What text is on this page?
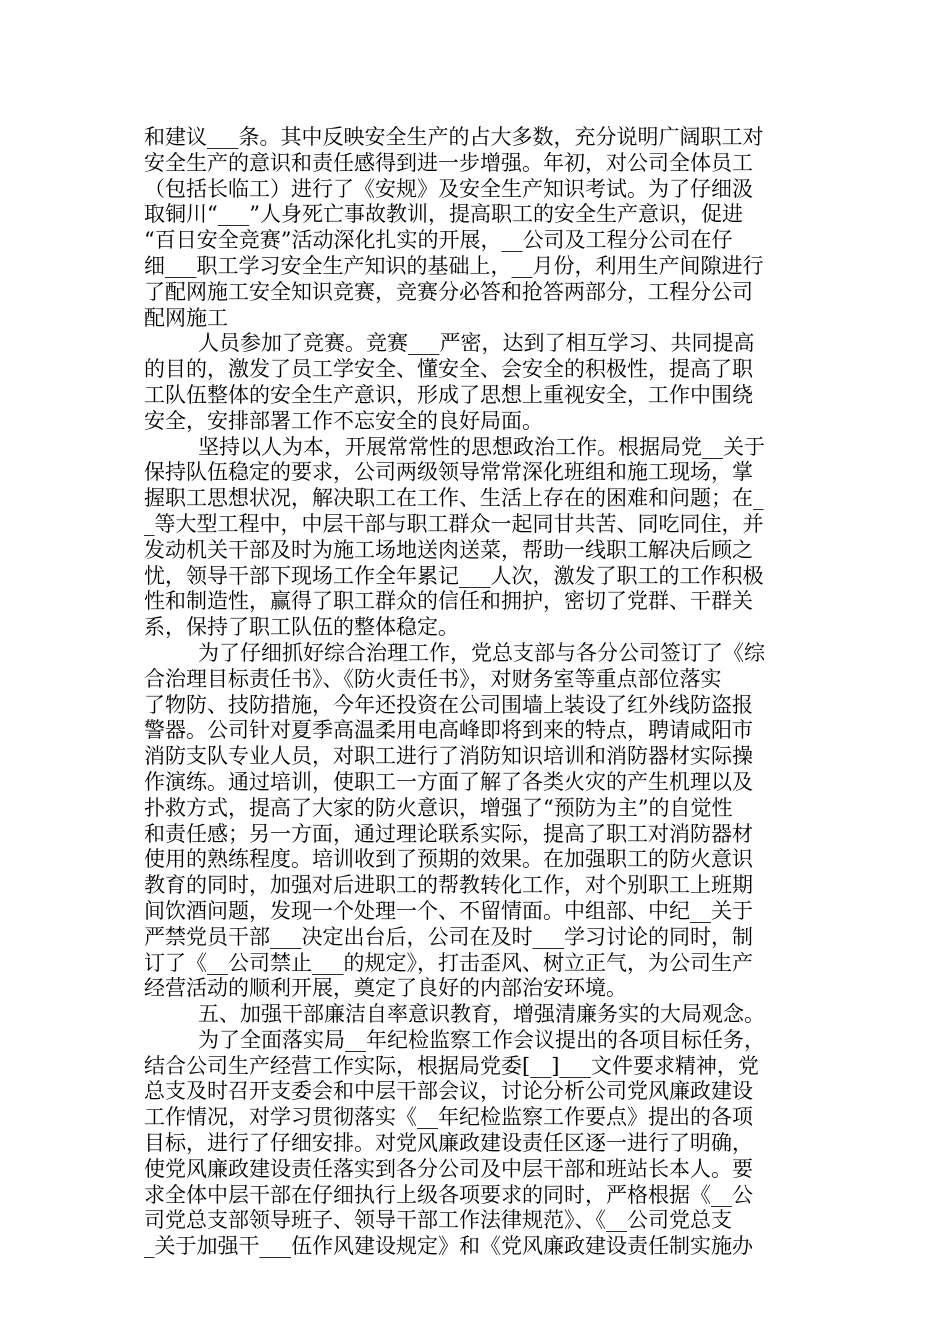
和建议___条。其中反映安全生产的占大多数，充分说明广阔职工对
安全生产的意识和责任感得到进一步增强。年初，对公司全体员工
（包括长临工）进行了《安规》及安全生产知识考试。为了仔细汲
取铜川“___”人身死亡事故教训，提高职工的安全生产意识，促进
“百日安全竞赛”活动深化扎实的开展，__公司及工程分公司在仔
细___职工学习安全生产知识的基础上，__月份，利用生产间隙进行
了配网施工安全知识竞赛，竞赛分必答和抢答两部分，工程分公司
配网施工
人员参加了竞赛。竞赛___严密，达到了相互学习、共同提高
的目的，激发了员工学安全、懂安全、会安全的积极性，提高了职
工队伍整体的安全生产意识，形成了思想上重视安全，工作中围绕
安全，安排部署工作不忘安全的良好局面。
坚持以人为本，开展常常性的思想政治工作。根据局党__关于
保持队伍稳定的要求，公司两级领导常常深化班组和施工现场，掌
握职工思想状况，解决职工在工作、生活上存在的困难和问题；在_
_等大型工程中，中层干部与职工群众一起同甘共苦、同吃同住，并
发动机关干部及时为施工场地送肉送菜，帮助一线职工解决后顾之
忧，领导干部下现场工作全年累记___人次，激发了职工的工作积极
性和制造性，赢得了职工群众的信任和拥护，密切了党群、干群关
系，保持了职工队伍的整体稳定。
为了仔细抓好综合治理工作，党总支部与各分公司签订了《综
合治理目标责任书》、《防火责任书》，对财务室等重点部位落实
了物防、技防措施，今年还投资在公司围墙上装设了红外线防盗报
警器。公司针对夏季高温柔用电高峰即将到来的特点，聘请咸阳市
消防支队专业人员，对职工进行了消防知识培训和消防器材实际操
作演练。通过培训，使职工一方面了解了各类火灾的产生机理以及
扑救方式，提高了大家的防火意识，增强了“预防为主”的自觉性
和责任感；另一方面，通过理论联系实际，提高了职工对消防器材
使用的熟练程度。培训收到了预期的效果。在加强职工的防火意识
教育的同时，加强对后进职工的帮教转化工作，对个别职工上班期
间饮酒问题，发现一个处理一个、不留情面。中组部、中纪__关于
严禁党员干部___决定出台后，公司在及时___学习讨论的同时，制
订了《__公司禁止___的规定》，打击歪风、树立正气，为公司生产
经营活动的顺利开展，奠定了良好的内部治安环境。
五、加强干部廉洁自率意识教育，增强清廉务实的大局观念。
为了全面落实局__年纪检监察工作会议提出的各项目标任务，
结合公司生产经营工作实际，根据局党委[__]___文件要求精神，党
总支及时召开支委会和中层干部会议，讨论分析公司党风廉政建设
工作情况，对学习贯彻落实《__年纪检监察工作要点》提出的各项
目标，进行了仔细安排。对党风廉政建设责任区逐一进行了明确，
使党风廉政建设责任落实到各分公司及中层干部和班站长本人。要
求全体中层干部在仔细执行上级各项要求的同时，严格根据《__公
司党总支部领导班子、领导干部工作法律规范》、《__公司党总支
_关于加强干___伍作风建设规定》和《党风廉政建设责任制实施办
